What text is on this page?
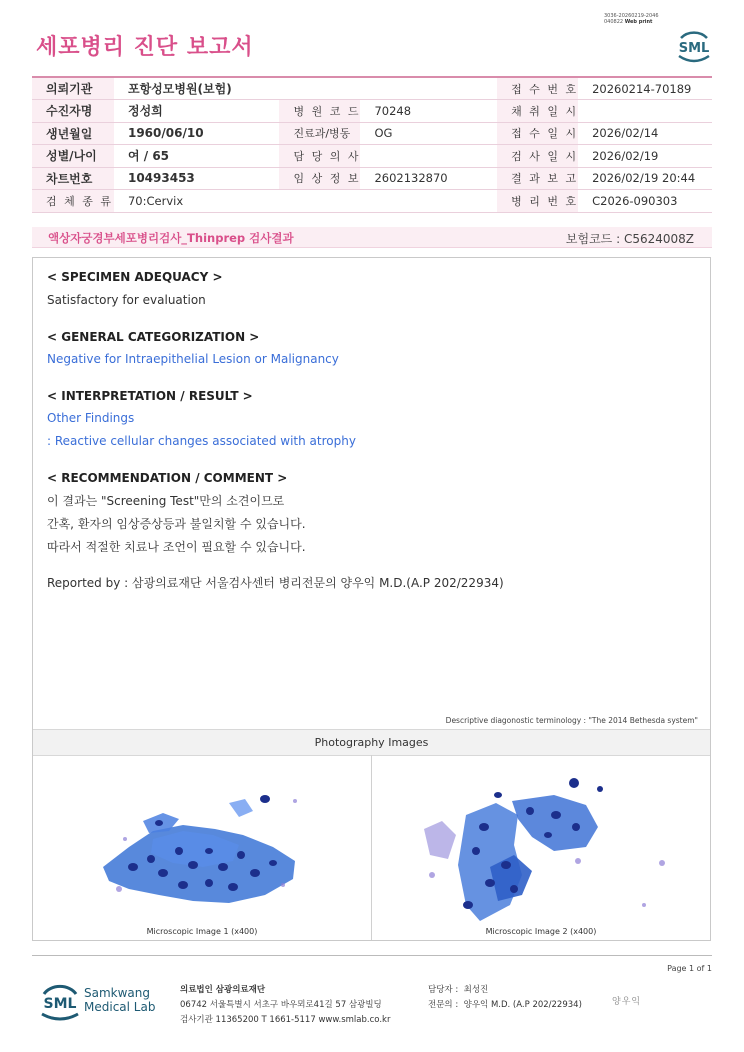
세포병리 진단 보고서
3036-20260219-2046
040822 Web print
SML
의뢰기관	포항성모병원(보험)			접 수 번 호	20260214-70189
수진자명	정성희	병 원 코 드	70248	채 취 일 시	
생년월일	1960/06/10	진료과/병동	OG	접 수 일 시	2026/02/14
성별/나이	여 / 65	담 당 의 사		검 사 일 시	2026/02/19
차트번호	10493453	임 상 정 보	2602132870	결 과 보 고	2026/02/19 20:44
검 체 종 류	70:Cervix			병 리 번 호	C2026-090303
액상자궁경부세포병리검사_Thinprep 검사결과	보험코드 : C5624008Z
< SPECIMEN ADEQUACY >
Satisfactory for evaluation
< GENERAL CATEGORIZATION >
Negative for Intraepithelial Lesion or Malignancy
< INTERPRETATION / RESULT >
Other Findings
: Reactive cellular changes associated with atrophy
< RECOMMENDATION / COMMENT >
이 결과는 "Screening Test"만의 소견이므로
간혹, 환자의 임상증상등과 불일치할 수 있습니다.
따라서 적절한 치료나 조언이 필요할 수 있습니다.
Reported by : 삼광의료재단 서울검사센터 병리전문의 양우익 M.D.(A.P 202/22934)
Descriptive diagonostic terminology : "The 2014 Bethesda system"
Photography Images
Microscopic Image 1 (x400)	Microscopic Image 2 (x400)
Page 1 of 1
SML
Samkwang
Medical Lab
의료법인 삼광의료재단
06742 서울특별시 서초구 바우뫼로41길 57 삼광빌딩
검사기관 11365200 T 1661-5117 www.smlab.co.kr
담당자 : 최성진
전문의 : 양우익 M.D. (A.P 202/22934)	양우익
